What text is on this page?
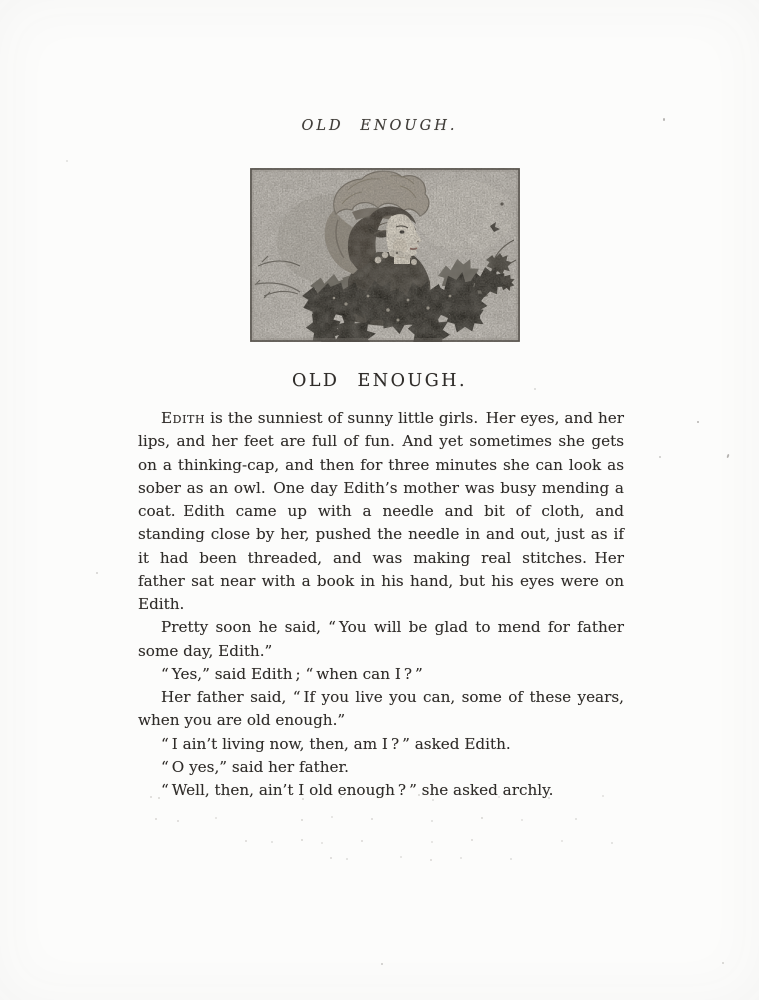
OLD ENOUGH.
OLD ENOUGH.

Edith is the sunniest of sunny little girls. Her eyes, and her lips, and her feet are full of fun. And yet sometimes she gets on a thinking-cap, and then for three minutes she can look as sober as an owl. One day Edith’s mother was busy mending a coat. Edith came up with a needle and bit of cloth, and standing close by her, pushed the needle in and out, just as if it had been threaded, and was making real stitches. Her father sat near with a book in his hand, but his eyes were on Edith.

Pretty soon he said, “ You will be glad to mend for father some day, Edith.”

“ Yes,” said Edith ; “ when can I ? ”

Her father said, “ If you live you can, some of these years, when you are old enough.”

“ I ain’t living now, then, am I ? ” asked Edith.

“ O yes,” said her father.

“ Well, then, ain’t I old enough ? ” she asked archly.
